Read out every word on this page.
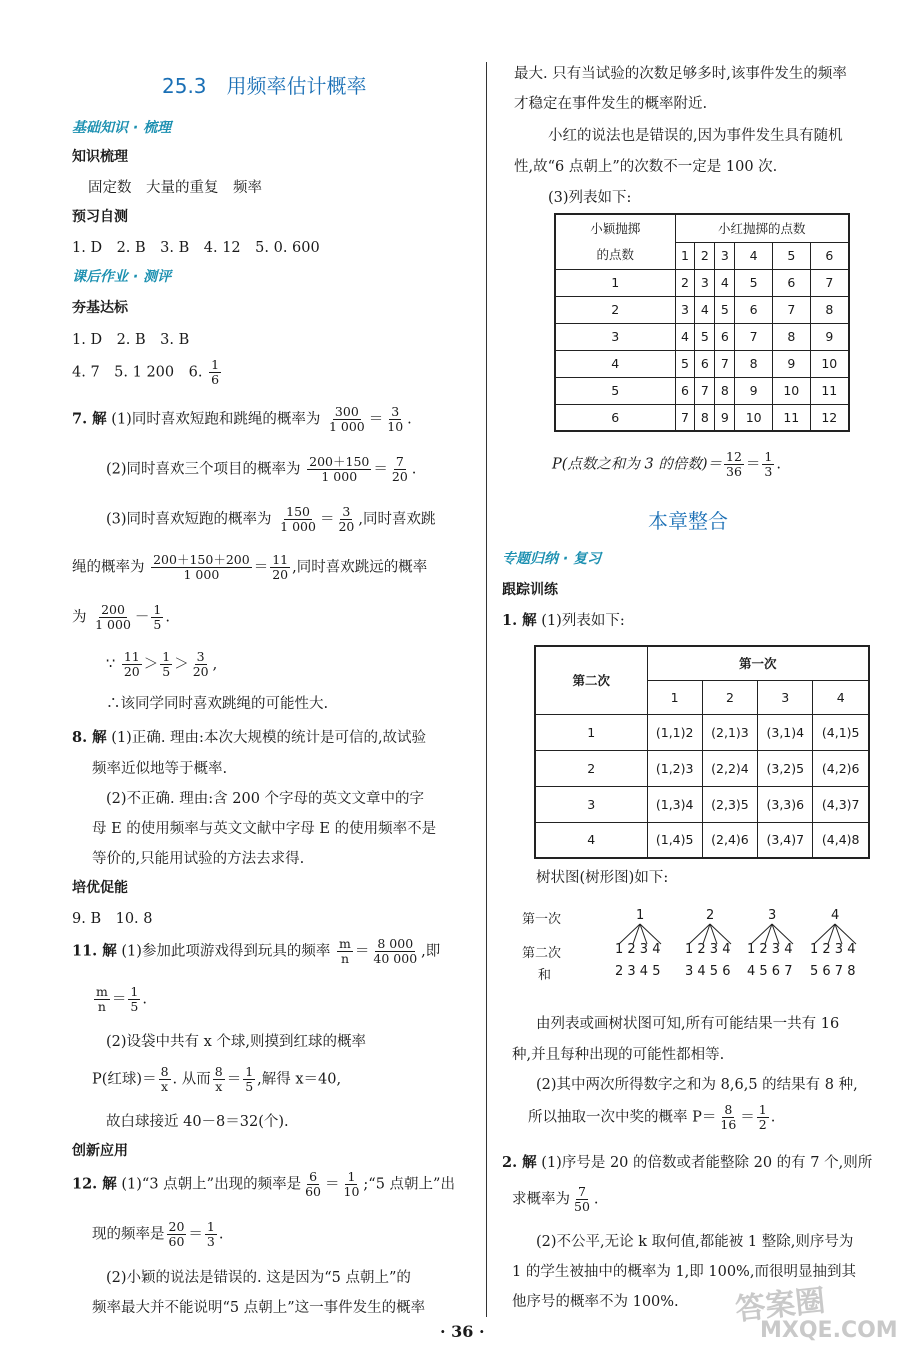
25.3　用频率估计概率
基础知识 · 梳理
知识梳理
固定数　大量的重复　频率
预习自测
1. D　2. B　3. B　4. 12　5. 0. 600
课后作业 · 测评
夯基达标
1. D　2. B　3. B
4. 7　5. 1 200　6. $\frac{1}{6}$
7. 解 (1)同时喜欢短跑和跳绳的概率为 $\frac{300}{1 000} = \frac{3}{10}$ .
(2)同时喜欢三个项目的概率为 $\frac{200+150}{1 000} = \frac{7}{20}$ .
(3)同时喜欢短跑的概率为 $\frac{150}{1 000} = \frac{3}{20}$ ,同时喜欢跳
绳的概率为 $\frac{200+150+200}{1 000} = \frac{11}{20}$ ,同时喜欢跳远的概率
为 $\frac{200}{1 000} - \frac{1}{5}$ .
∵ $\frac{11}{20} > \frac{1}{5} > \frac{3}{20}$ ,
∴该同学同时喜欢跳绳的可能性大.
8. 解 (1)正确. 理由:本次大规模的统计是可信的,故试验
频率近似地等于概率.
(2)不正确. 理由:含 200 个字母的英文文章中的字
母 E 的使用频率与英文文献中字母 E 的使用频率不是
等价的,只能用试验的方法去求得.
培优促能
9. B　10. 8
11. 解 (1)参加此项游戏得到玩具的频率 $\frac{m}{n} = \frac{8 000}{40 000}$ ,即
$\frac{m}{n} = \frac{1}{5}$ .
(2)设袋中共有 x 个球,则摸到红球的概率
P(红球)＝ $\frac{8}{x}$ . 从而 $\frac{8}{x} = \frac{1}{5}$ ,解得 x＝40,
故白球接近 40－8＝32(个).
创新应用
12. 解 (1)“3 点朝上”出现的频率是 $\frac{6}{60} = \frac{1}{10}$ ;“5 点朝上”出
现的频率是 $\frac{20}{60} = \frac{1}{3}$ .
(2)小颖的说法是错误的. 这是因为“5 点朝上”的
频率最大并不能说明“5 点朝上”这一事件发生的概率
最大. 只有当试验的次数足够多时,该事件发生的频率
才稳定在事件发生的概率附近.
小红的说法也是错误的,因为事件发生具有随机
性,故“6 点朝上”的次数不一定是 100 次.
(3)列表如下:
小颖抛掷
的点数	小红抛掷的点数					
	1	2	3	4	5	6
1	2	3	4	5	6	7
2	3	4	5	6	7	8
3	4	5	6	7	8	9
4	5	6	7	8	9	10
5	6	7	8	9	10	11
6	7	8	9	10	11	12
P(点数之和为 3 的倍数)＝ $\frac{12}{36} = \frac{1}{3}$ .
本章整合
专题归纳 · 复习
跟踪训练
1. 解 (1)列表如下:
第二次	第一次			
	1	2	3	4
1	(1,1)2	(2,1)3	(3,1)4	(4,1)5
2	(1,2)3	(2,2)4	(3,2)5	(4,2)6
3	(1,3)4	(2,3)5	(3,3)6	(4,3)7
4	(1,4)5	(2,4)6	(3,4)7	(4,4)8
树状图(树形图)如下:
第一次
第二次
和
1
1 2 3 4
2 3 4 5
2
1 2 3 4
3 4 5 6
3
1 2 3 4
4 5 6 7
4
1 2 3 4
5 6 7 8
由列表或画树状图可知,所有可能结果一共有 16
种,并且每种出现的可能性都相等.
(2)其中两次所得数字之和为 8,6,5 的结果有 8 种,
所以抽取一次中奖的概率 $P= \frac{8}{16} = \frac{1}{2}$ .
2. 解 (1)序号是 20 的倍数或者能整除 20 的有 7 个,则所
求概率为 $\frac{7}{50}$ .
(2)不公平,无论 k 取何值,都能被 1 整除,则序号为
1 的学生被抽中的概率为 1,即 100%,而很明显抽到其
他序号的概率不为 100%.
· 36 ·
答案圈
MXQE.COM
